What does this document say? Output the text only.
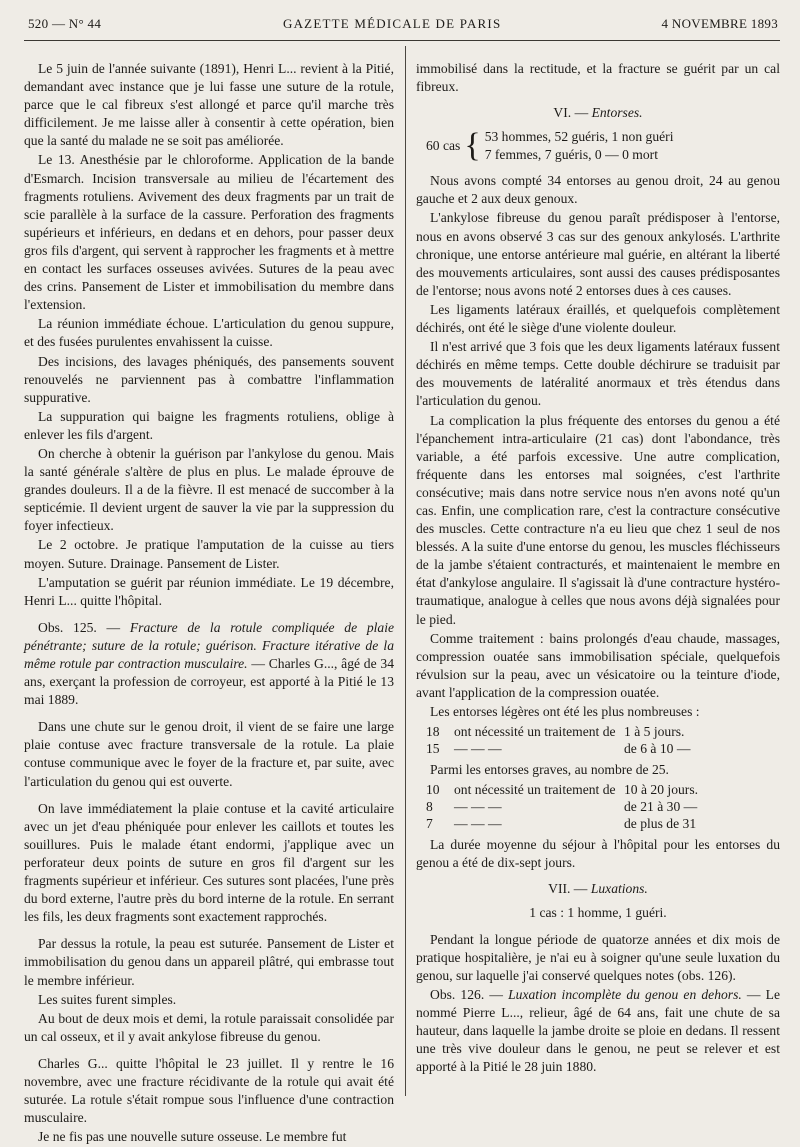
520 — N° 44	GAZETTE MÉDICALE DE PARIS	4 NOVEMBRE 1893

Le 5 juin de l'année suivante (1891), Henri L... revient à la Pitié, demandant avec instance que je lui fasse une suture de la rotule, parce que le cal fibreux s'est allongé et parce qu'il marche très difficilement. Je me laisse aller à consentir à cette opération, bien que la santé du malade ne se soit pas améliorée.

Le 13. Anesthésie par le chloroforme. Application de la bande d'Esmarch. Incision transversale au milieu de l'écartement des fragments rotuliens. Avivement des deux fragments par un trait de scie parallèle à la surface de la cassure. Perforation des fragments supérieurs et inférieurs, en dedans et en dehors, pour passer deux gros fils d'argent, qui servent à rapprocher les fragments et à mettre en contact les surfaces osseuses avivées. Sutures de la peau avec des crins. Pansement de Lister et immobilisation du membre dans l'extension.

La réunion immédiate échoue. L'articulation du genou suppure, et des fusées purulentes envahissent la cuisse.

Des incisions, des lavages phéniqués, des pansements souvent renouvelés ne parviennent pas à combattre l'inflammation suppurative.

La suppuration qui baigne les fragments rotuliens, oblige à enlever les fils d'argent.

On cherche à obtenir la guérison par l'ankylose du genou. Mais la santé générale s'altère de plus en plus. Le malade éprouve de grandes douleurs. Il a de la fièvre. Il est menacé de succomber à la septicémie. Il devient urgent de sauver la vie par la suppression du foyer infectieux.

Le 2 octobre. Je pratique l'amputation de la cuisse au tiers moyen. Suture. Drainage. Pansement de Lister.

L'amputation se guérit par réunion immédiate. Le 19 décembre, Henri L... quitte l'hôpital.

Obs. 125. — Fracture de la rotule compliquée de plaie pénétrante; suture de la rotule; guérison. Fracture itérative de la même rotule par contraction musculaire. — Charles G..., âgé de 34 ans, exerçant la profession de corroyeur, est apporté à la Pitié le 13 mai 1889.

Dans une chute sur le genou droit, il vient de se faire une large plaie contuse avec fracture transversale de la rotule. La plaie contuse communique avec le foyer de la fracture et, par suite, avec l'articulation du genou qui est ouverte.

On lave immédiatement la plaie contuse et la cavité articulaire avec un jet d'eau phéniquée pour enlever les caillots et toutes les souillures. Puis le malade étant endormi, j'applique avec un perforateur deux points de suture en gros fil d'argent sur les fragments supérieur et inférieur. Ces sutures sont placées, l'une près du bord externe, l'autre près du bord interne de la rotule. En serrant les fils, les deux fragments sont exactement rapprochés.

Par dessus la rotule, la peau est suturée. Pansement de Lister et immobilisation du genou dans un appareil plâtré, qui embrasse tout le membre inférieur.

Les suites furent simples.

Au bout de deux mois et demi, la rotule paraissait consolidée par un cal osseux, et il y avait ankylose fibreuse du genou.

Charles G... quitte l'hôpital le 23 juillet. Il y rentre le 16 novembre, avec une fracture récidivante de la rotule qui avait été suturée. La rotule s'était rompue sous l'influence d'une contraction musculaire.

Je ne fis pas une nouvelle suture osseuse. Le membre fut

immobilisé dans la rectitude, et la fracture se guérit par un cal fibreux.

VI. — Entorses.
60 cas { 53 hommes, 52 guéris, 1 non guéri
7 femmes, 7 guéris, 0 — 0 mort

Nous avons compté 34 entorses au genou droit, 24 au genou gauche et 2 aux deux genoux.

L'ankylose fibreuse du genou paraît prédisposer à l'entorse, nous en avons observé 3 cas sur des genoux ankylosés. L'arthrite chronique, une entorse antérieure mal guérie, en altérant la liberté des mouvements articulaires, sont aussi des causes prédisposantes de l'entorse; nous avons noté 2 entorses dues à ces causes.

Les ligaments latéraux éraillés, et quelquefois complètement déchirés, ont été le siège d'une violente douleur.

Il n'est arrivé que 3 fois que les deux ligaments latéraux fussent déchirés en même temps. Cette double déchirure se traduisit par des mouvements de latéralité anormaux et très étendus dans l'articulation du genou.

La complication la plus fréquente des entorses du genou a été l'épanchement intra-articulaire (21 cas) dont l'abondance, très variable, a été parfois excessive. Une autre complication, fréquente dans les entorses mal soignées, c'est l'arthrite consécutive; mais dans notre service nous n'en avons noté qu'un cas. Enfin, une complication rare, c'est la contracture consécutive des muscles. Cette contracture n'a eu lieu que chez 1 seul de nos blessés. A la suite d'une entorse du genou, les muscles fléchisseurs de la jambe s'étaient contracturés, et maintenaient le membre en état d'ankylose angulaire. Il s'agissait là d'une contracture hystéro-traumatique, analogue à celles que nous avons déjà signalées pour le pied.

Comme traitement : bains prolongés d'eau chaude, massages, compression ouatée sans immobilisation spéciale, quelquefois révulsion sur la peau, avec un vésicatoire ou la teinture d'iode, avant l'application de la compression ouatée.

Les entorses légères ont été les plus nombreuses :

18	ont nécessité un traitement de 1 à 5 jours.
15	— — —	de 6 à 10 —

Parmi les entorses graves, au nombre de 25.

10	ont nécessité un traitement de 10 à 20 jours.
8	— — —	de 21 à 30 —
7	— — —	de plus de 31

La durée moyenne du séjour à l'hôpital pour les entorses du genou a été de dix-sept jours.

VII. — Luxations.
1 cas : 1 homme, 1 guéri.

Pendant la longue période de quatorze années et dix mois de pratique hospitalière, je n'ai eu à soigner qu'une seule luxation du genou, sur laquelle j'ai conservé quelques notes (obs. 126).

Obs. 126. — Luxation incomplète du genou en dehors. — Le nommé Pierre L..., relieur, âgé de 64 ans, fait une chute de sa hauteur, dans laquelle la jambe droite se ploie en dedans. Il ressent une très vive douleur dans le genou, ne peut se relever et est apporté à la Pitié le 28 juin 1880.
